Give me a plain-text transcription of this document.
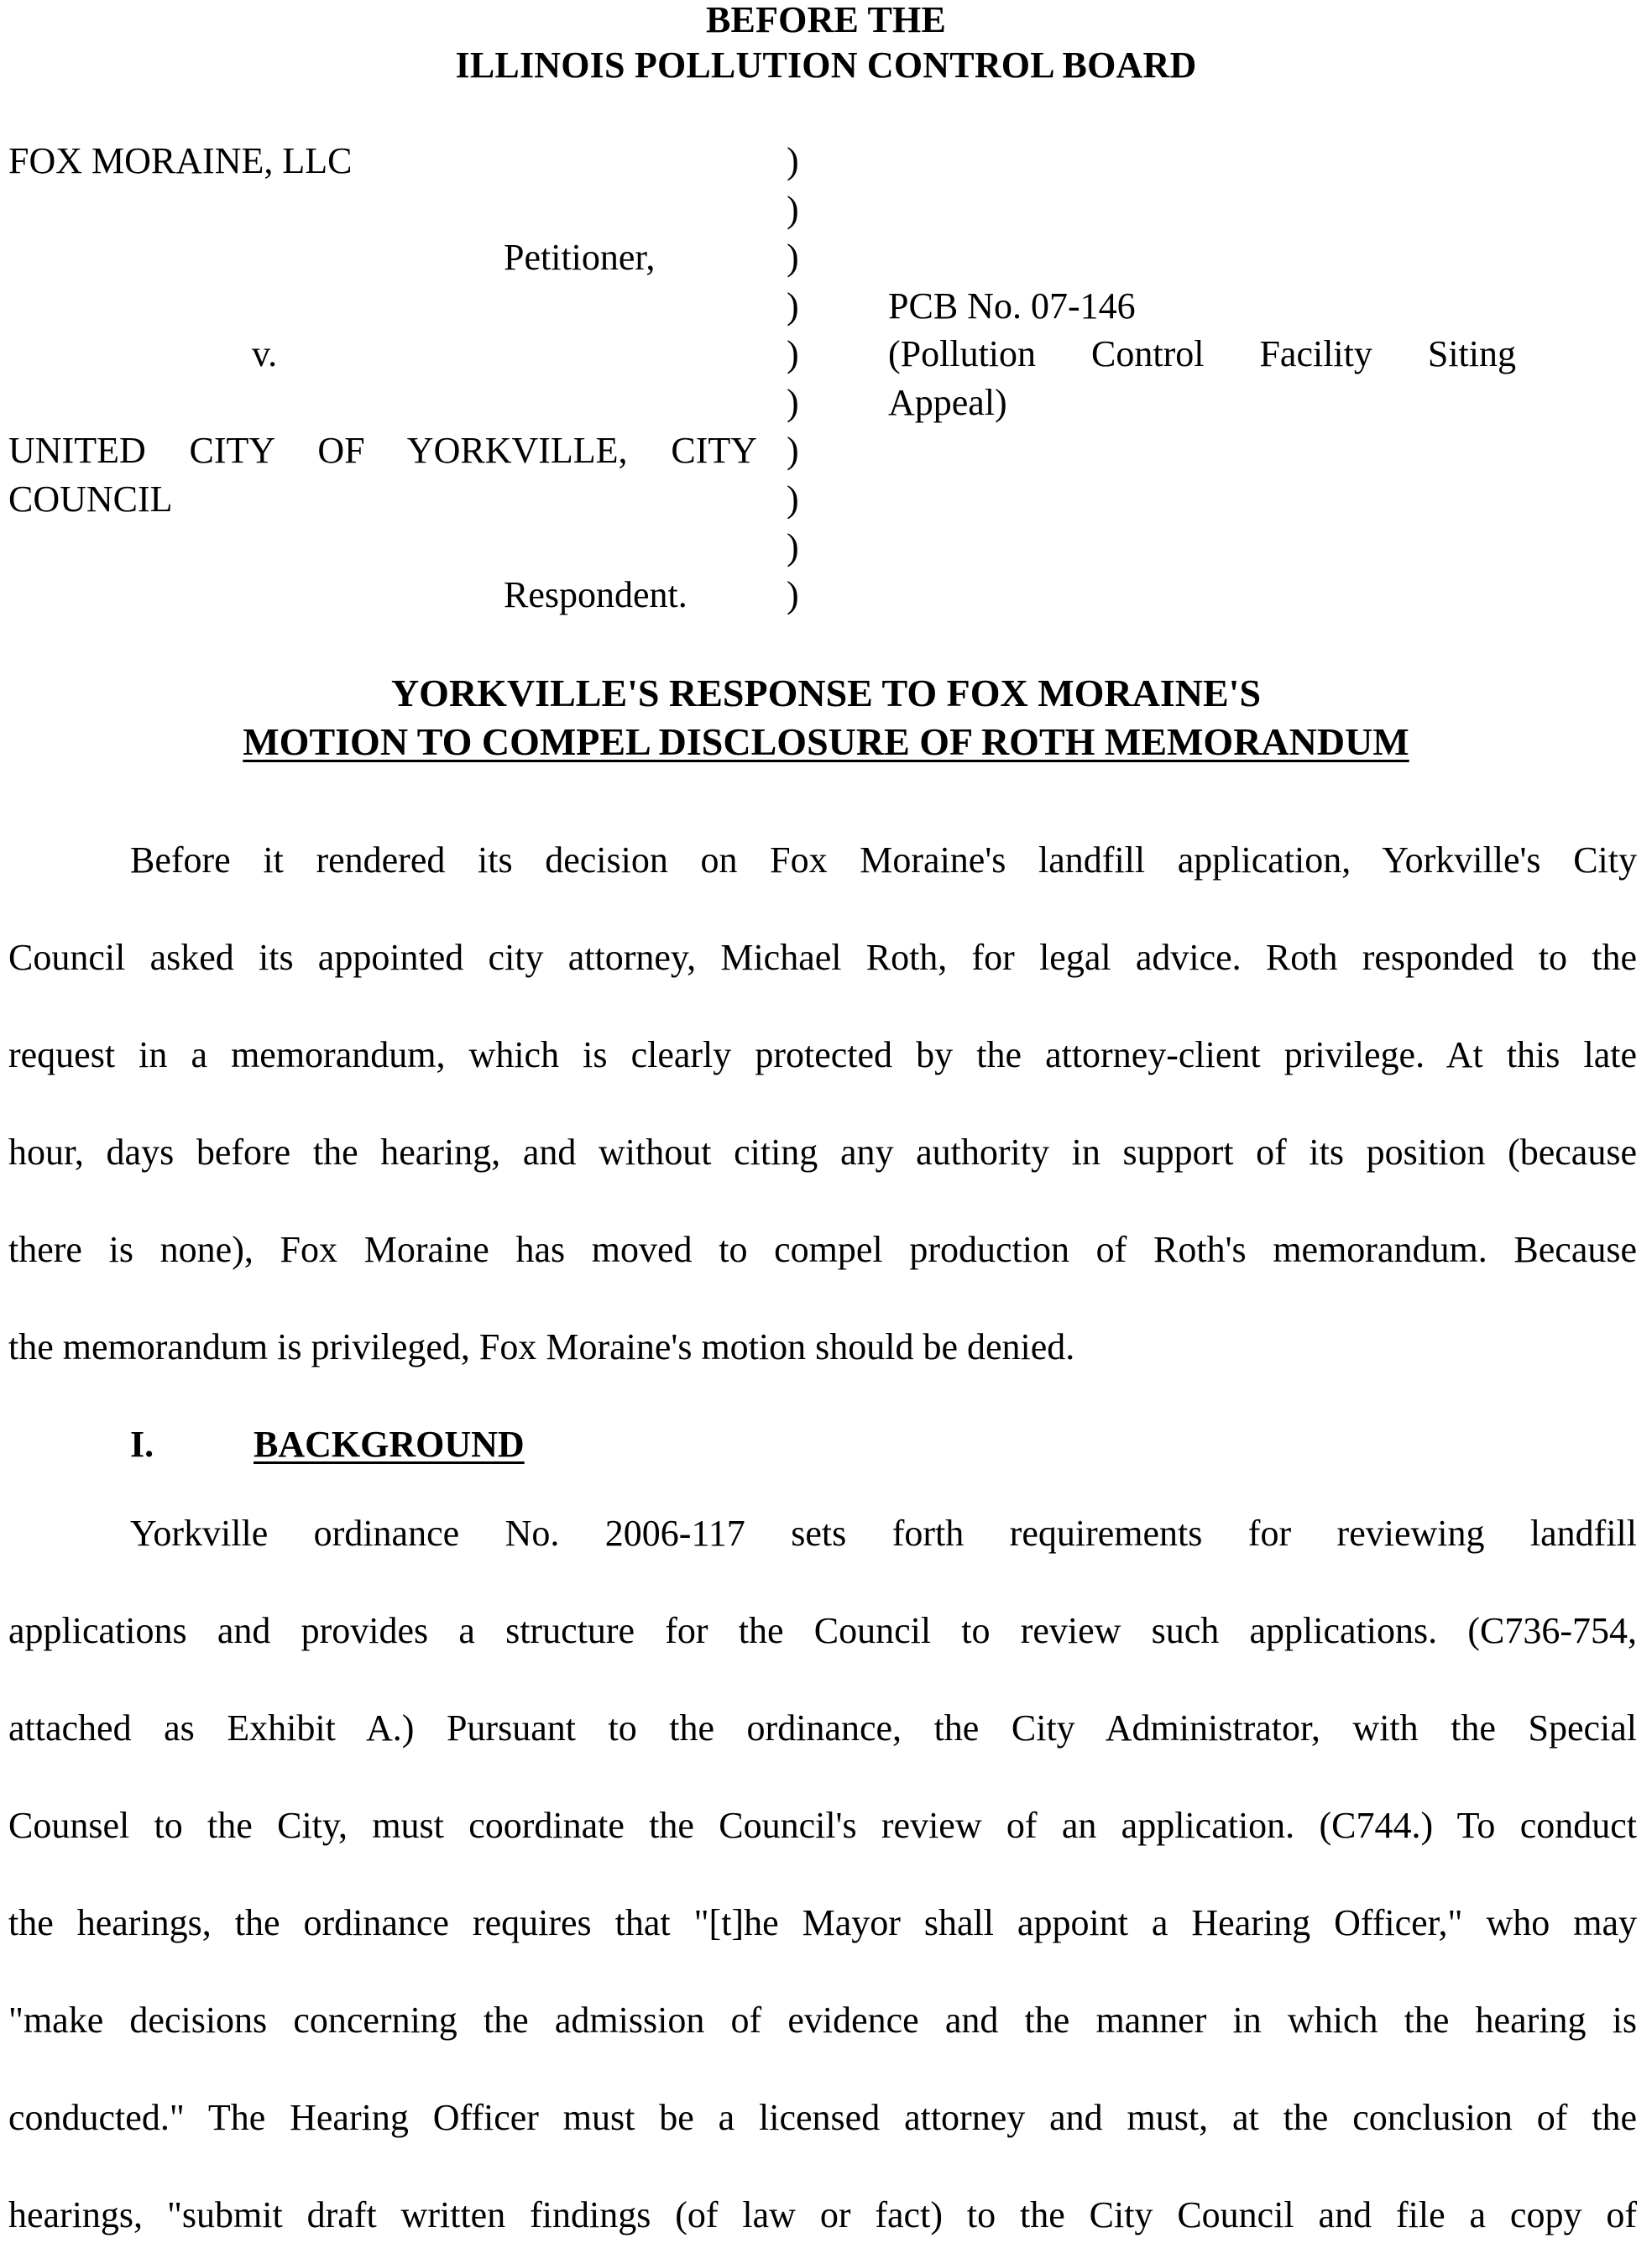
BEFORE THE
ILLINOIS POLLUTION CONTROL BOARD
FOX MORAINE, LLC
Petitioner,
v.
UNITED CITY OF YORKVILLE, CITY
COUNCIL
Respondent.
)
)
)
)
)
)
)
)
)
)
PCB No. 07-146
(Pollution Control Facility Siting
Appeal)
YORKVILLE'S RESPONSE TO FOX MORAINE'S
MOTION TO COMPEL DISCLOSURE OF ROTH MEMORANDUM
Before it rendered its decision on Fox Moraine's landfill application, Yorkville's City
Council asked its appointed city attorney, Michael Roth, for legal advice. Roth responded to the
request in a memorandum, which is clearly protected by the attorney-client privilege. At this late
hour, days before the hearing, and without citing any authority in support of its position (because
there is none), Fox Moraine has moved to compel production of Roth's memorandum. Because
the memorandum is privileged, Fox Moraine's motion should be denied.
I.	BACKGROUND
Yorkville ordinance No. 2006-117 sets forth requirements for reviewing landfill
applications and provides a structure for the Council to review such applications. (C736-754,
attached as Exhibit A.) Pursuant to the ordinance, the City Administrator, with the Special
Counsel to the City, must coordinate the Council's review of an application. (C744.) To conduct
the hearings, the ordinance requires that "[t]he Mayor shall appoint a Hearing Officer," who may
"make decisions concerning the admission of evidence and the manner in which the hearing is
conducted." The Hearing Officer must be a licensed attorney and must, at the conclusion of the
hearings, "submit draft written findings (of law or fact) to the City Council and file a copy of
